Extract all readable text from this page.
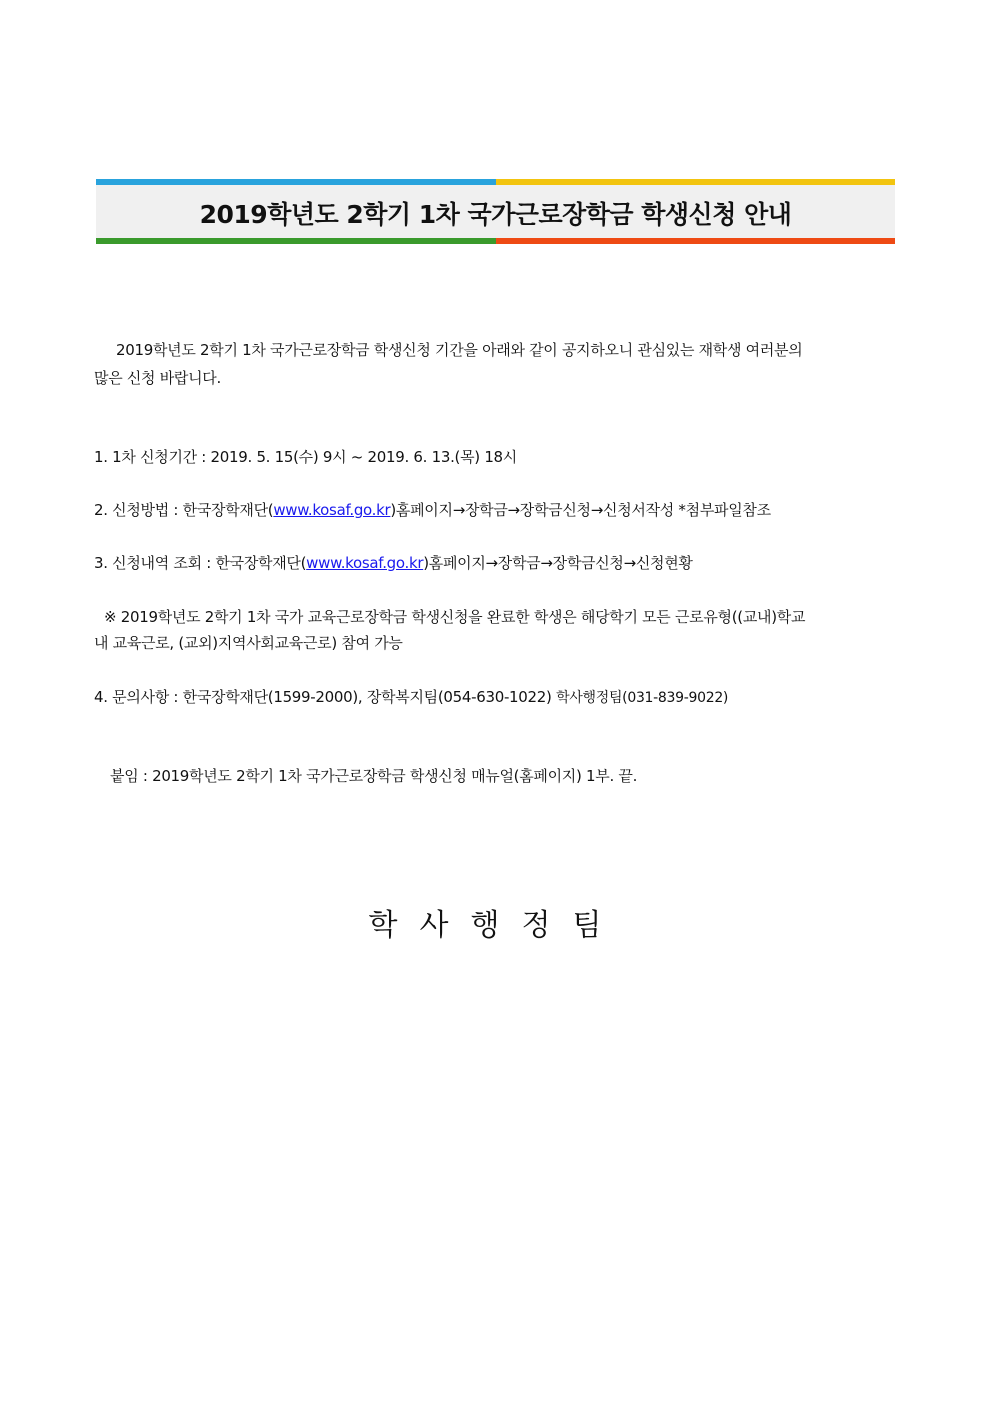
2019학년도 2학기 1차 국가근로장학금 학생신청 안내
2019학년도 2학기 1차 국가근로장학금 학생신청 기간을 아래와 같이 공지하오니 관심있는 재학생 여러분의
많은 신청 바랍니다.
1. 1차 신청기간 : 2019. 5. 15(수) 9시 ~ 2019. 6. 13.(목) 18시
2. 신청방법 : 한국장학재단(www.kosaf.go.kr)홈페이지→장학금→장학금신청→신청서작성 *첨부파일참조
3. 신청내역 조회 : 한국장학재단(www.kosaf.go.kr)홈페이지→장학금→장학금신청→신청현황
※ 2019학년도 2학기 1차 국가 교육근로장학금 학생신청을 완료한 학생은 해당학기 모든 근로유형((교내)학교
내 교육근로, (교외)지역사회교육근로) 참여 가능
4. 문의사항 : 한국장학재단(1599-2000), 장학복지팀(054-630-1022) 학사행정팀(031-839-9022)
붙임 : 2019학년도 2학기 1차 국가근로장학금 학생신청 매뉴얼(홈페이지) 1부. 끝.
학사행정팀
